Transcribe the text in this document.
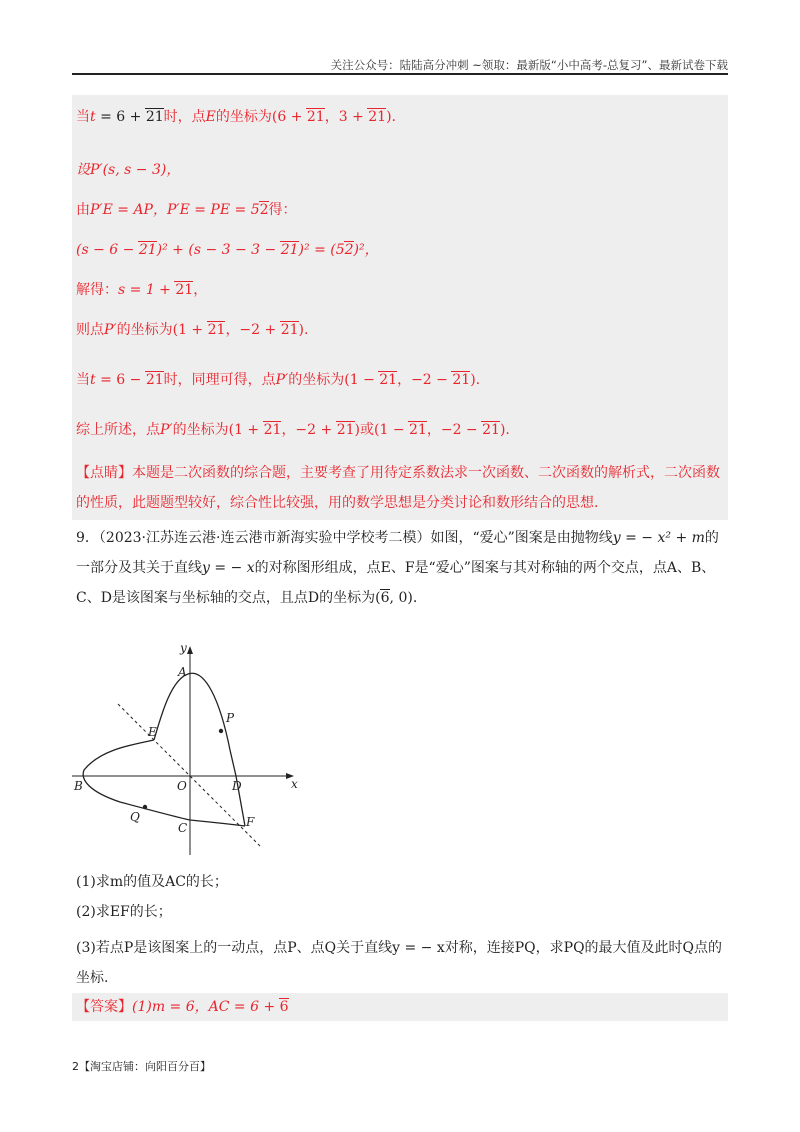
关注公众号：陆陆高分冲刺 ~领取：最新版“小中高考-总复习”、最新试卷下载
当t = 6 + 21时，点E的坐标为(6 + 21，3 + 21).
设P′(s, s − 3)，
由P′E = AP，P′E = PE = 52得：
(s − 6 − 21)² + (s − 3 − 3 − 21)² = (52)²，
解得：s = 1 + 21，
则点P′的坐标为(1 + 21，−2 + 21).
当t = 6 − 21时，同理可得，点P′的坐标为(1 − 21，−2 − 21).
综上所述，点P′的坐标为(1 + 21，−2 + 21)或(1 − 21，−2 − 21).
【点睛】本题是二次函数的综合题，主要考查了用待定系数法求一次函数、二次函数的解析式，二次函数的性质，此题题型较好，综合性比较强，用的数学思想是分类讨论和数形结合的思想.
9．（2023·江苏连云港·连云港市新海实验中学校考二模）如图，“爱心”图案是由抛物线y = − x² + m的一部分及其关于直线y = − x的对称图形组成，点E、F是“爱心”图案与其对称轴的两个交点，点A、B、C、D是该图案与坐标轴的交点，且点D的坐标为(6, 0).
y
x
A
B
C
D
E
F
O
P
Q
(1)求m的值及AC的长；
(2)求EF的长；
(3)若点P是该图案上的一动点，点P、点Q关于直线y = − x对称，连接PQ，求PQ的最大值及此时Q点的坐标.
【答案】(1)m = 6，AC = 6 + 6
2【淘宝店铺：向阳百分百】
